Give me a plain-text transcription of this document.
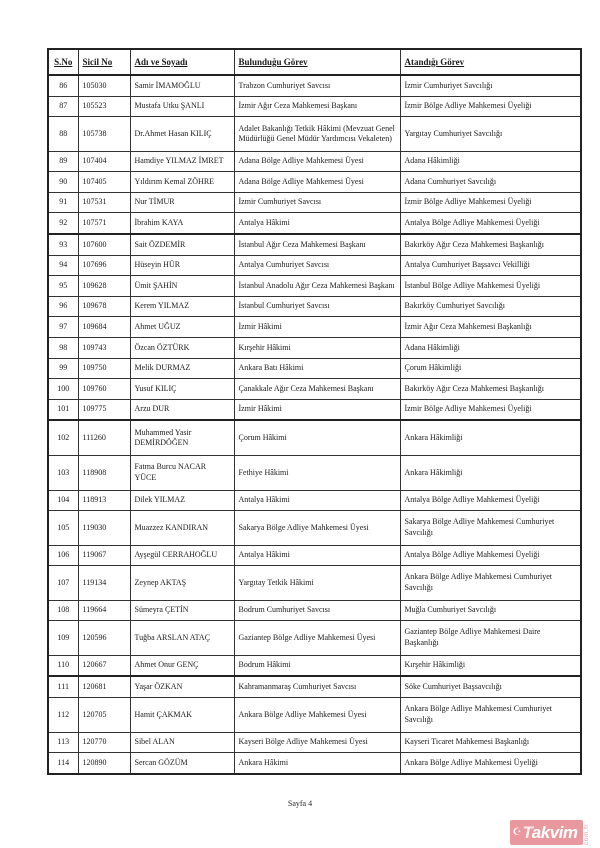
S.No	Sicil No	Adı ve Soyadı	Bulunduğu Görev	Atandığı Görev
86	105030	Samir İMAMOĞLU	Trabzon Cumhuriyet Savcısı	İzmir Cumhuriyet Savcılığı
87	105523	Mustafa Utku ŞANLI	İzmir Ağır Ceza Mahkemesi Başkanı	İzmir Bölge Adliye Mahkemesi Üyeliği
88	105738	Dr.Ahmet Hasan KILIÇ	Adalet Bakanlığı Tetkik Hâkimi (Mevzuat Genel Müdürlüğü Genel Müdür Yardımcısı Vekaleten)	Yargıtay Cumhuriyet Savcılığı
89	107404	Hamdiye YILMAZ İMRET	Adana Bölge Adliye Mahkemesi Üyesi	Adana Hâkimliği
90	107405	Yıldırım Kemal ZÖHRE	Adana Bölge Adliye Mahkemesi Üyesi	Adana Cumhuriyet Savcılığı
91	107531	Nur TİMUR	İzmir Cumhuriyet Savcısı	İzmir Bölge Adliye Mahkemesi Üyeliği
92	107571	İbrahim KAYA	Antalya Hâkimi	Antalya Bölge Adliye Mahkemesi Üyeliği
93	107600	Sait ÖZDEMİR	İstanbul Ağır Ceza Mahkemesi Başkanı	Bakırköy Ağır Ceza Mahkemesi Başkanlığı
94	107696	Hüseyin HÜR	Antalya Cumhuriyet Savcısı	Antalya Cumhuriyet Başsavcı Vekilliği
95	109628	Ümit ŞAHİN	İstanbul Anadolu Ağır Ceza Mahkemesi Başkanı	İstanbul Bölge Adliye Mahkemesi Üyeliği
96	109678	Kerem YILMAZ	İstanbul Cumhuriyet Savcısı	Bakırköy Cumhuriyet Savcılığı
97	109684	Ahmet UĞUZ	İzmir Hâkimi	İzmir Ağır Ceza Mahkemesi Başkanlığı
98	109743	Özcan ÖZTÜRK	Kırşehir Hâkimi	Adana Hâkimliği
99	109750	Melik DURMAZ	Ankara Batı Hâkimi	Çorum Hâkimliği
100	109760	Yusuf KILIÇ	Çanakkale Ağır Ceza Mahkemesi Başkanı	Bakırköy Ağır Ceza Mahkemesi Başkanlığı
101	109775	Arzu DUR	İzmir Hâkimi	İzmir Bölge Adliye Mahkemesi Üyeliği
102	111260	Muhammed Yasir DEMİRDÖĞEN	Çorum Hâkimi	Ankara Hâkimliği
103	118908	Fatma Burcu NACAR YÜCE	Fethiye Hâkimi	Ankara Hâkimliği
104	118913	Dilek YILMAZ	Antalya Hâkimi	Antalya Bölge Adliye Mahkemesi Üyeliği
105	119030	Muazzez KANDIRAN	Sakarya Bölge Adliye Mahkemesi Üyesi	Sakarya Bölge Adliye Mahkemesi Cumhuriyet Savcılığı
106	119067	Ayşegül CERRAHOĞLU	Antalya Hâkimi	Antalya Bölge Adliye Mahkemesi Üyeliği
107	119134	Zeynep AKTAŞ	Yargıtay Tetkik Hâkimi	Ankara Bölge Adliye Mahkemesi Cumhuriyet Savcılığı
108	119664	Sümeyra ÇETİN	Bodrum Cumhuriyet Savcısı	Muğla Cumhuriyet Savcılığı
109	120596	Tuğba ARSLAN ATAÇ	Gaziantep Bölge Adliye Mahkemesi Üyesi	Gaziantep Bölge Adliye Mahkemesi Daire Başkanlığı
110	120667	Ahmet Onur GENÇ	Bodrum Hâkimi	Kırşehir Hâkimliği
111	120681	Yaşar ÖZKAN	Kahramanmaraş Cumhuriyet Savcısı	Söke Cumhuriyet Başsavcılığı
112	120705	Hamit ÇAKMAK	Ankara Bölge Adliye Mahkemesi Üyesi	Ankara Bölge Adliye Mahkemesi Cumhuriyet Savcılığı
113	120770	Sibel ALAN	Kayseri Bölge Adliye Mahkemesi Üyesi	Kayseri Ticaret Mahkemesi Başkanlığı
114	120890	Sercan GÖZÜM	Ankara Hâkimi	Ankara Bölge Adliye Mahkemesi Üyeliği
Sayfa 4
☪ Takvim com.tr
